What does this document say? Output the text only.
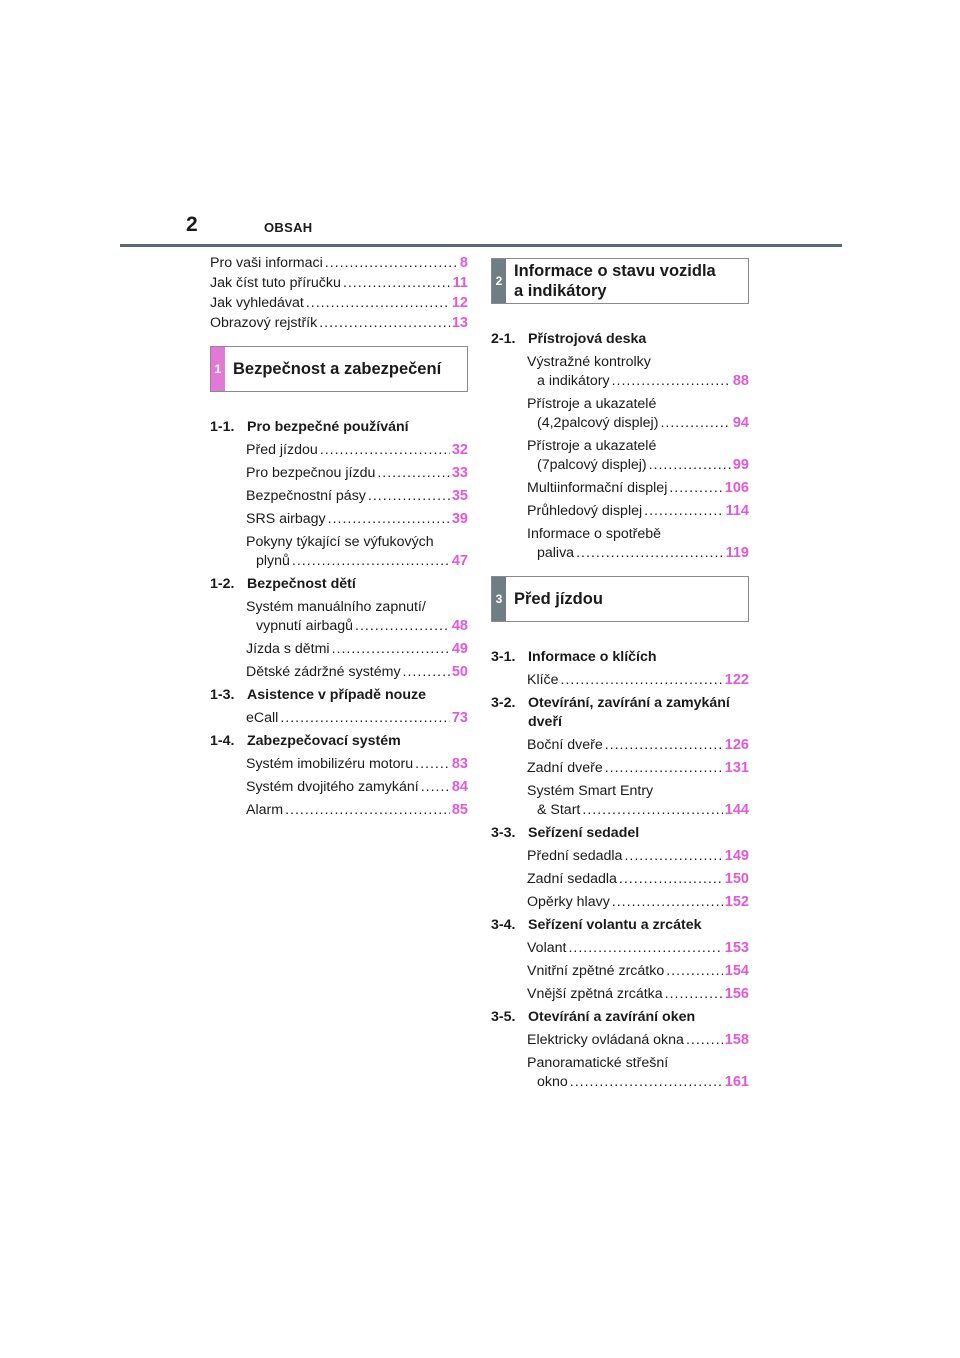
2	OBSAH
Pro vaši informaci .....	8
Jak číst tuto příručku .....	11
Jak vyhledávat .....	12
Obrazový rejstřík .....	13
1 Bezpečnost a zabezpečení
1-1. Pro bezpečné používání
Před jízdou .....	32
Pro bezpečnou jízdu .....	33
Bezpečnostní pásy .....	35
SRS airbagy .....	39
Pokyny týkající se výfukových
plynů .....	47
1-2. Bezpečnost dětí
Systém manuálního zapnutí/
vypnutí airbagů .....	48
Jízda s dětmi .....	49
Dětské zádržné systémy .....	50
1-3. Asistence v případě nouze
eCall .....	73
1-4. Zabezpečovací systém
Systém imobilizéru motoru .....	83
Systém dvojitého zamykání ..... 84
Alarm .....	85
2
Informace o stavu vozidla
a indikátory
2-1. Přístrojová deska
Výstražné kontrolky
a indikátory .....	88
Přístroje a ukazatelé
(4,2palcový displej) .....	94
Přístroje a ukazatelé
(7palcový displej) .....	99
Multiinformační displej .....	106
Průhledový displej .....	114
Informace o spotřebě
paliva .....	119
3 Před jízdou
3-1. Informace o klíčích
Klíče .....	122
3-2. Otevírání, zavírání a zamykání dveří
Boční dveře .....	126
Zadní dveře .....	131
Systém Smart Entry
& Start .....	144
3-3. Seřízení sedadel
Přední sedadla .....	149
Zadní sedadla .....	150
Opěrky hlavy .....	152
3-4. Seřízení volantu a zrcátek
Volant .....	153
Vnitřní zpětné zrcátko .....	154
Vnější zpětná zrcátka .....	156
3-5. Otevírání a zavírání oken
Elektricky ovládaná okna .....	158
Panoramatické střešní
okno .....	161
